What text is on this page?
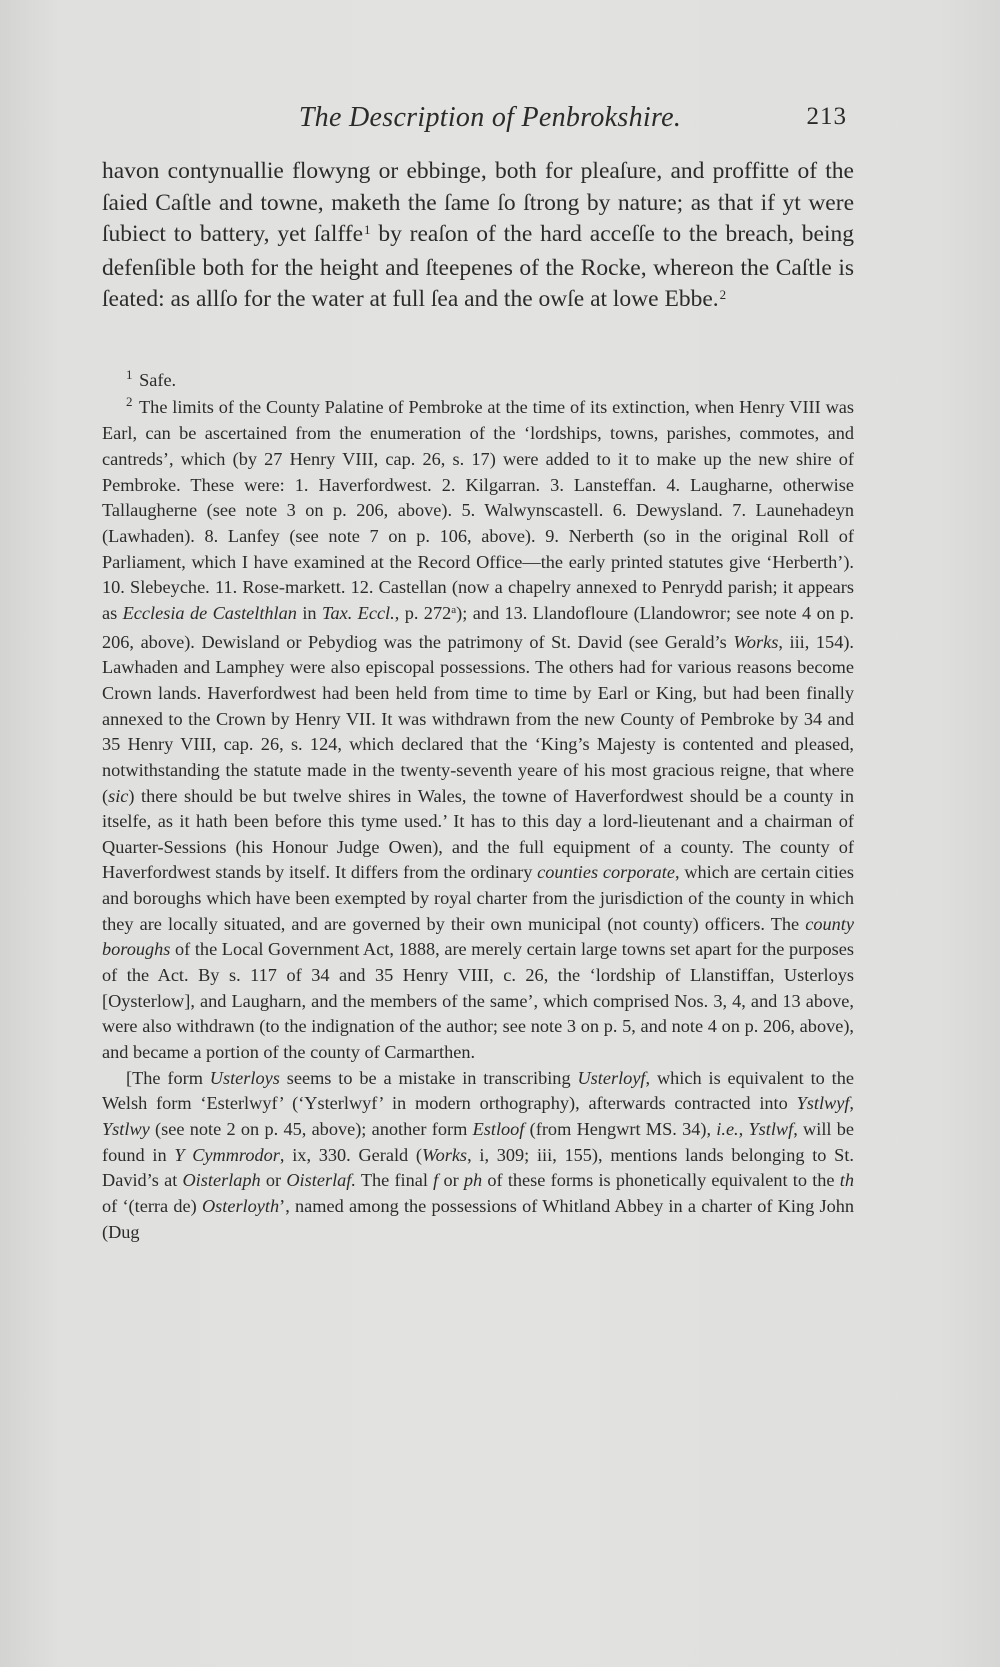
The Description of Penbrokshire.	213

havon contynuallie flowyng or ebbinge, both for pleaſure, and proffitte of the ſaied Caſtle and towne, maketh the ſame ſo ſtrong by nature; as that if yt were ſubiect to battery, yet ſalffe$^1$ by reaſon of the hard acceſſe to the breach, being defenſible both for the height and ſteepenes of the Rocke, whereon the Caſtle is ſeated: as allſo for the water at full ſea and the owſe at lowe Ebbe.$^2$

$^1$ Safe.

$^2$ The limits of the County Palatine of Pembroke at the time of its extinction, when Henry VIII was Earl, can be ascertained from the enumeration of the ‘lordships, towns, parishes, commotes, and cantreds’, which (by 27 Henry VIII, cap. 26, s. 17) were added to it to make up the new shire of Pembroke. These were: 1. Haverfordwest. 2. Kilgarran. 3. Lansteffan. 4. Laugharne, otherwise Tallaugherne (see note 3 on p. 206, above). 5. Walwynscastell. 6. Dewysland. 7. Launehadeyn (Lawhaden). 8. Lanfey (see note 7 on p. 106, above). 9. Nerberth (so in the original Roll of Parliament, which I have examined at the Record Office—the early printed statutes give ‘Herberth’). 10. Slebeyche. 11. Rose-markett. 12. Castellan (now a chapelry annexed to Penrydd parish; it appears as Ecclesia de Castelthlan in Tax. Eccl., p. 272$^a$); and 13. Llandofloure (Llandowror; see note 4 on p. 206, above). Dewisland or Pebydiog was the patrimony of St. David (see Gerald’s Works, iii, 154). Lawhaden and Lamphey were also episcopal possessions. The others had for various reasons become Crown lands. Haverfordwest had been held from time to time by Earl or King, but had been finally annexed to the Crown by Henry VII. It was withdrawn from the new County of Pembroke by 34 and 35 Henry VIII, cap. 26, s. 124, which declared that the ‘King’s Majesty is contented and pleased, notwithstanding the statute made in the twenty-seventh yeare of his most gracious reigne, that where (sic) there should be but twelve shires in Wales, the towne of Haverfordwest should be a county in itselfe, as it hath been before this tyme used.’ It has to this day a lord-lieutenant and a chairman of Quarter-Sessions (his Honour Judge Owen), and the full equipment of a county. The county of Haverfordwest stands by itself. It differs from the ordinary counties corporate, which are certain cities and boroughs which have been exempted by royal charter from the jurisdiction of the county in which they are locally situated, and are governed by their own municipal (not county) officers. The county boroughs of the Local Government Act, 1888, are merely certain large towns set apart for the purposes of the Act. By s. 117 of 34 and 35 Henry VIII, c. 26, the ‘lordship of Llanstiffan, Usterloys [Oysterlow], and Laugharn, and the members of the same’, which comprised Nos. 3, 4, and 13 above, were also withdrawn (to the indignation of the author; see note 3 on p. 5, and note 4 on p. 206, above), and became a portion of the county of Carmarthen.

[The form Usterloys seems to be a mistake in transcribing Usterloyf, which is equivalent to the Welsh form ‘Esterlwyf’ (‘Ysterlwyf’ in modern orthography), afterwards contracted into Ystlwyf, Ystlwy (see note 2 on p. 45, above); another form Estloof (from Hengwrt MS. 34), i.e., Ystlwf, will be found in Y Cymmrodor, ix, 330. Gerald (Works, i, 309; iii, 155), mentions lands belonging to St. David’s at Oisterlaph or Oisterlaf. The final f or ph of these forms is phonetically equivalent to the th of ‘(terra de) Osterloyth’, named among the possessions of Whitland Abbey in a charter of King John (Dug
